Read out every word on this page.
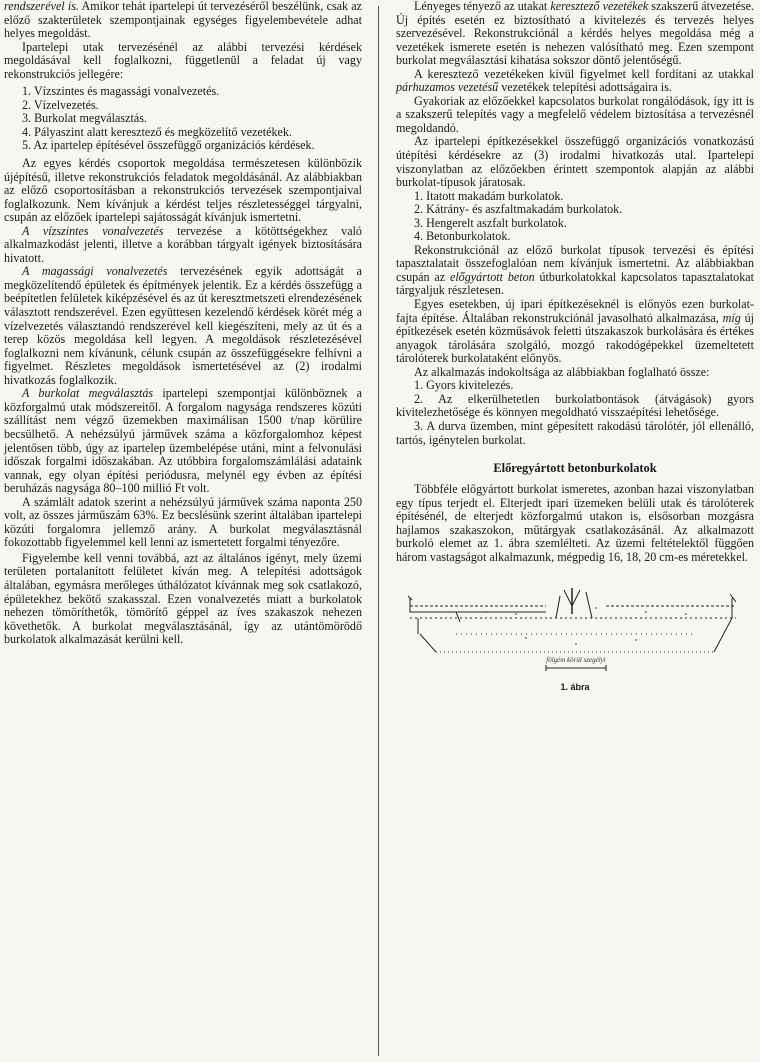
rendszerével is. Amikor tehát ipartelepi út tervezéséről beszélünk, csak az előző szakterületek szempontjainak egységes figyelembevétele adhat helyes megoldást.

Ipartelepi utak tervezésénél az alábbi tervezési kérdések megoldásával kell foglalkozni, függetlenül a feladat új vagy rekonstrukciós jellegére:

1. Vízszintes és magassági vonalvezetés.

2. Vízelvezetés.

3. Burkolat megválasztás.

4. Pályaszint alatt keresztező és megközelítő vezetékek.

5. Az ipartelep építésével összefüggő organizációs kérdések.

Az egyes kérdés csoportok megoldása természetesen különbözik újépítésű, illetve rekonstrukciós feladatok megoldásánál. Az alábbiakban az előző csoportosításban a rekonstrukciós tervezések szempontjaival foglalkozunk. Nem kívánjuk a kérdést teljes részletességgel tárgyalni, csupán az előzőek ipartelepi sajátosságát kívánjuk ismertetni.

A vízszintes vonalvezetés tervezése a kötöttségekhez való alkalmazkodást jelenti, illetve a korábban tárgyalt igények biztosítására hivatott.

A magassági vonalvezetés tervezésének egyik adottságát a megközelítendő épületek és építmények jelentik. Ez a kérdés összefügg a beépítetlen felületek kiképzésével és az út keresztmetszeti elrendezésének választott rendszerével. Ezen együttesen kezelendő kérdések körét még a vízelvezetés választandó rendszerével kell kiegészíteni, mely az út és a terep közös megoldása kell legyen. A megoldások részletezésével foglalkozni nem kívánunk, célunk csupán az összefüggésekre felhívni a figyelmet. Részletes megoldások ismertetésével az (2) irodalmi hivatkozás foglalkozik.

A burkolat megválasztás ipartelepi szempontjai különböznek a közforgalmú utak módszereitől. A forgalom nagysága rendszeres közúti szállítást nem végző üzemekben maximálisan 1500 t/nap körülire becsülhető. A nehézsúlyú járművek száma a közforgalomhoz képest jelentősen több, úgy az ipartelep üzembelépése utáni, mint a felvonulási időszak forgalmi időszakában. Az utóbbira forgalomszámlálási adataink vannak, egy olyan építési periódusra, melynél egy évben az építési beruházás nagysága 80–100 millió Ft volt.

A számlált adatok szerint a nehézsúlyú járművek száma naponta 250 volt, az összes járműszám 63%. Ez becslésünk szerint általában ipartelepi közúti forgalomra jellemző arány. A burkolat megválasztásnál fokozottabb figyelemmel kell lenni az ismertetett forgalmi tényezőre.

Figyelembe kell venni továbbá, azt az általános igényt, mely üzemi területen portalanított felületet kíván meg. A telepítési adottságok általában, egymásra merőleges úthálózatot kívánnak meg sok csatlakozó, épületekhez bekötő szakasszal. Ezen vonalvezetés miatt a burkolatok nehezen tömöríthetők, tömörítő géppel az íves szakaszok nehezen követhetők. A burkolat megválasztásánál, így az utántömörödő burkolatok alkalmazását kerülni kell.

Lényeges tényező az utakat keresztező vezetékek szakszerű átvezetése. Új építés esetén ez biztosítható a kivitelezés és tervezés helyes szervezésével. Rekonstrukciónál a kérdés helyes megoldása még a vezetékek ismerete esetén is nehezen valósítható meg. Ezen szempont burkolat megválasztási kihatása sokszor döntő jelentőségű.

A keresztező vezetékeken kívül figyelmet kell fordítani az utakkal párhuzamos vezetésű vezetékek telepítési adottságaira is.

Gyakoriak az előzőekkel kapcsolatos burkolat rongálódások, így itt is a szakszerű telepítés vagy a megfelelő védelem biztosítása a tervezésnél megoldandó.

Az ipartelepi építkezésekkel összefüggő organizációs vonatkozású útépítési kérdésekre az (3) irodalmi hivatkozás utal. Ipartelepi viszonylatban az előzőekben érintett szempontok alapján az alábbi burkolat-típusok járatosak.

1. Itatott makadám burkolatok.

2. Kátrány- és aszfaltmakadám burkolatok.

3. Hengerelt aszfalt burkolatok.

4. Betonburkolatok.

Rekonstrukciónál az előző burkolat típusok tervezési és építési tapasztalatait összefoglalóan nem kívánjuk ismertetni. Az alábbiakban csupán az előgyártott beton útburkolatokkal kapcsolatos tapasztalatokat tárgyaljuk részletesen.

Egyes esetekben, új ipari építkezéseknél is előnyös ezen burkolat-fajta építése. Általában rekonstrukciónál javasolható alkalmazása, míg új építkezések esetén közműsávok feletti útszakaszok burkolására és értékes anyagok tárolására szolgáló, mozgó rakodógépekkel üzemeltetett tárolóterek burkolataként előnyös.

Az alkalmazás indokoltsága az alábbiakban foglalható össze:

1. Gyors kivitelezés.

2. Az elkerülhetetlen burkolatbontások (átvágások) gyors kivitelezhetősége és könnyen megoldható visszaépítési lehetősége.

3. A durva üzemben, mint gépesített rakodású tárolótér, jól ellenálló, tartós, igénytelen burkolat.

Előregyártott betonburkolatok

Többféle előgyártott burkolat ismeretes, azonban hazai viszonylatban egy típus terjedt el. Elterjedt ipari üzemeken belüli utak és tárolóterek építésénél, de elterjedt közforgalmú utakon is, elsősorban mozgásra hajlamos szakaszokon, műtárgyak csatlakozásánál. Az alkalmazott burkoló elemet az 1. ábra szemlélteti. Az üzemi feltételektől függően három vastagságot alkalmazunk, mégpedig 16, 18, 20 cm-es méretekkel.

fölgém körül szegélyi
1. ábra
